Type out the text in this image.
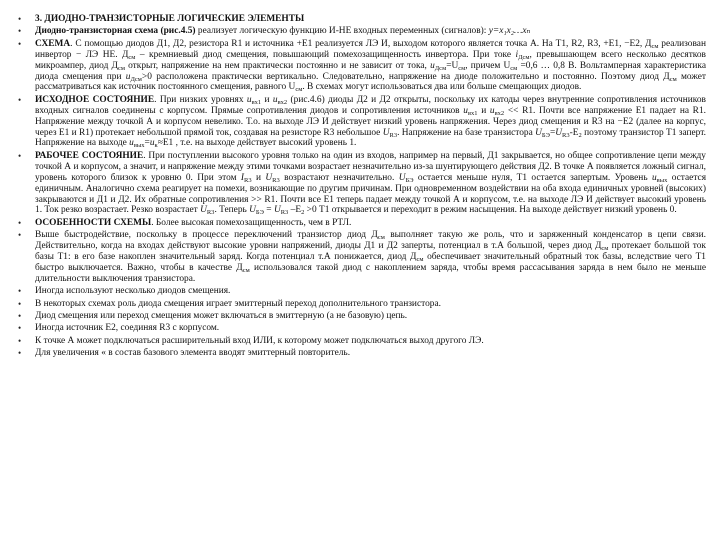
• 3. ДИОДНО-ТРАНЗИСТОРНЫЕ ЛОГИЧЕСКИЕ ЭЛЕМЕНТЫ
• Диодно-транзисторная схема (рис.4.5) реализует логическую функцию И-НЕ входных переменных (сигналов): y=x₁x₂…xₙ
• СХЕМА. С помощью диодов Д1, Д2, резистора R1 и источника +Е1 реализуется ЛЭ И, выходом которого является точка А. На Т1, R2, R3, +Е1, −Е2, $Д_{см}$ реализован инвертор − ЛЭ НЕ. $Д_{см}$ – кремниевый диод смещения, повышающий помехозащищенность инвертора. При токе $i_{Дсм}$, превышающем всего несколько десятков микроампер, диод $Д_{см}$ открыт, напряжение на нем практически постоянно и не зависит от тока, $u_{Дсм}=U_{см}$, причем $U_{см} =0,6$ … 0,8 В. Вольтамперная характеристика диода смещения при $u_{Дсм}>0$ расположена практически вертикально. Следовательно, напряжение на диоде положительно и постоянно. Поэтому диод $Д_{см}$ может рассматриваться как источник постоянного смещения, равного $U_{см}$. В схемах могут использоваться два или больше смещающих диодов.
• ИСХОДНОЕ СОСТОЯНИЕ. При низких уровнях $u_{вх1}$ и $u_{вх2}$ (рис.4.6) диоды Д2 и Д2 открыты, поскольку их катоды через внутренние сопротивления источников входных сигналов соединены с корпусом. Прямые сопротивления диодов и сопротивления источников $u_{вх1}$ и $u_{вх2} << R1$. Почти все напряжение E1 падает на R1. Напряжение между точкой А и корпусом невелико. Т.о. на выходе ЛЭ И действует низкий уровень напряжения. Через диод смещения и R3 на −Е2 (далее на корпус, через Е1 и R1) протекает небольшой прямой ток, создавая на резисторе R3 небольшое $U_{R3}$. Напряжение на базе транзистора $U_{БЭ}=U_{R3}-E_2$ поэтому транзистор Т1 заперт. Напряжение на выходе $u_{вых}=u_к\approx E1$ , т.е. на выходе действует высокий уровень 1.
• РАБОЧЕЕ СОСТОЯНИЕ. При поступлении высокого уровня только на один из входов, например на первый, Д1 закрывается, но общее сопротивление цепи между точкой А и корпусом, а значит, и напряжение между этими точками возрастает незначительно из-за шунтирующего действия Д2. В точке А появляется ложный сигнал, уровень которого близок к уровню 0. При этом $I_{R3}$ и $U_{R3}$ возрастают незначительно. $U_{БЭ}$ остается меньше нуля, Т1 остается запертым. Уровень $u_{вых}$ остается единичным. Аналогично схема реагирует на помехи, возникающие по другим причинам. При одновременном воздействии на оба входа единичных уровней (высоких) закрываются и Д1 и Д2. Их обратные сопротивления >> R1. Почти все Е1 теперь падает между точкой А и корпусом, т.е. на выходе ЛЭ И действует высокий уровень 1. Ток резко возрастает. Резко возрастает $U_{R3}$. Теперь $U_{БЭ} = U_{R3}$ $-Е_2 >0$ Т1 открывается и переходит в режим насыщения. На выходе действует низкий уровень 0.
• ОСОБЕННОСТИ СХЕМЫ. Более высокая помехозащищенность, чем в РТЛ.
• Выше быстродействие, поскольку в процессе переключений транзистор диод $Д_{см}$ выполняет такую же роль, что и заряженный конденсатор в цепи связи. Действительно, когда на входах действуют высокие уровни напряжений, диоды Д1 и Д2 заперты, потенциал в т.А большой, через диод $Д_{см}$ протекает большой ток базы Т1: в его базе накоплен значительный заряд. Когда потенциал т.А понижается, диод $Д_{см}$ обеспечивает значительный обратный ток базы, вследствие чего Т1 быстро выключается. Важно, чтобы в качестве $Д_{см}$ использовался такой диод с накоплением заряда, чтобы время рассасывания заряда в нем было не меньше длительности выключения транзистора.
• Иногда используют несколько диодов смещения.
• В некоторых схемах роль диода смещения играет эмиттерный переход дополнительного транзистора.
• Диод смещения или переход смещения может включаться в эмиттерную (а не базовую) цепь.
• Иногда источник Е2, соединяя R3 с корпусом.
• К точке А может подключаться расширительный вход ИЛИ, к которому может подключаться выход другого ЛЭ.
• Для увеличения « в состав базового элемента вводят эмиттерный повторитель.
